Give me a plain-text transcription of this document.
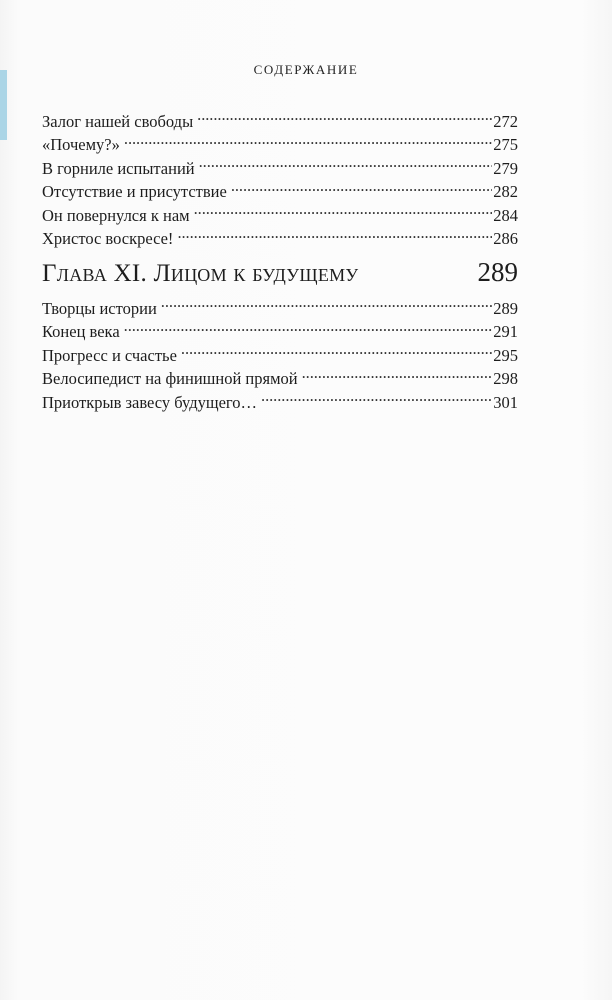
СОДЕРЖАНИЕ
Залог нашей свободы . . .	272
«Почему?» . . .	275
В горниле испытаний . . .	279
Отсутствие и присутствие . . .	282
Он повернулся к нам . . .	284
Христос воскресе! . . .	286
Глава XI. Лицом к будущему	289
Творцы истории . . .	289
Конец века . . .	291
Прогресс и счастье . . .	295
Велосипедист на финишной прямой . . .	298
Приоткрыв завесу будущего… . . .	301
